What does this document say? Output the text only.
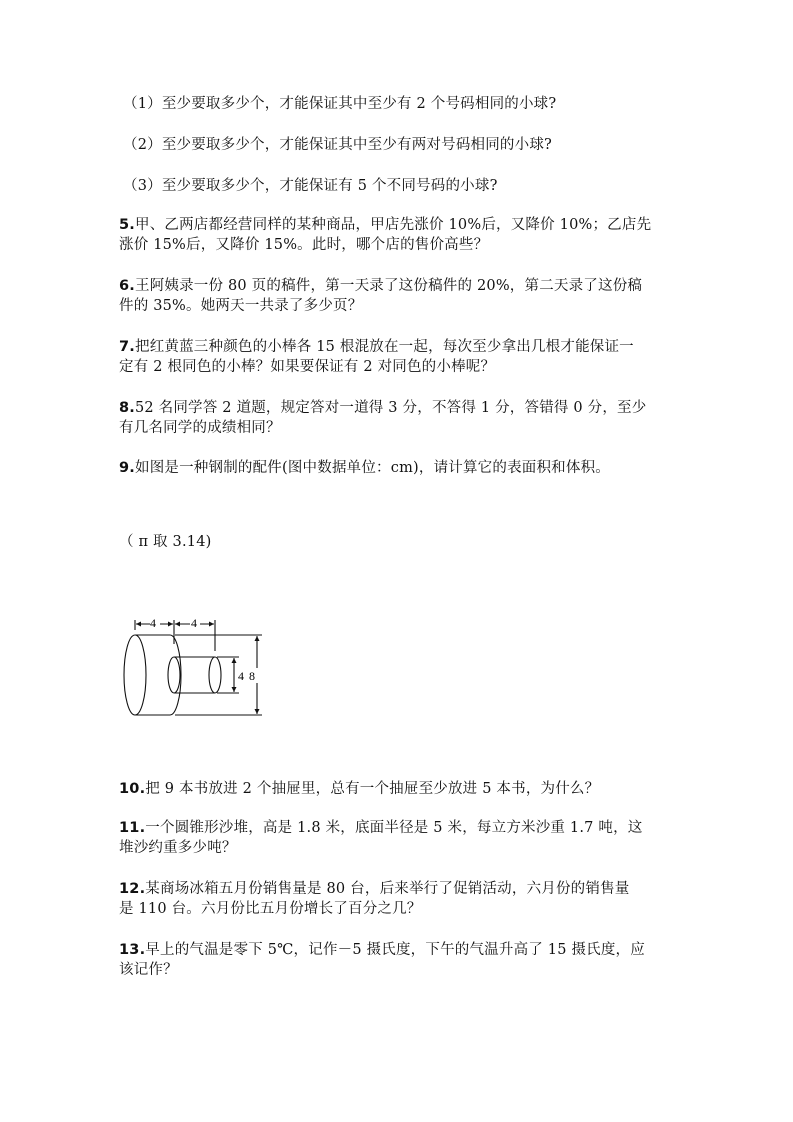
（1）至少要取多少个，才能保证其中至少有 2 个号码相同的小球?
（2）至少要取多少个，才能保证其中至少有两对号码相同的小球?
（3）至少要取多少个，才能保证有 5 个不同号码的小球?
5.甲、乙两店都经营同样的某种商品，甲店先涨价 10%后，又降价 10%；乙店先
涨价 15%后，又降价 15%。此时，哪个店的售价高些？
6.王阿姨录一份 80 页的稿件，第一天录了这份稿件的 20%，第二天录了这份稿
件的 35%。她两天一共录了多少页？
7.把红黄蓝三种颜色的小棒各 15 根混放在一起，每次至少拿出几根才能保证一
定有 2 根同色的小棒？如果要保证有 2 对同色的小棒呢？
8.52 名同学答 2 道题，规定答对一道得 3 分，不答得 1 分，答错得 0 分，至少
有几名同学的成绩相同？
9.如图是一种钢制的配件(图中数据单位：cm)，请计算它的表面积和体积。
（ π 取 3.14)
4	4
4 8
10.把 9 本书放进 2 个抽屉里，总有一个抽屉至少放进 5 本书，为什么？
11.一个圆锥形沙堆，高是 1.8 米，底面半径是 5 米，每立方米沙重 1.7 吨，这
堆沙约重多少吨？
12.某商场冰箱五月份销售量是 80 台，后来举行了促销活动，六月份的销售量
是 110 台。六月份比五月份增长了百分之几？
13.早上的气温是零下 5℃，记作－5 摄氏度，下午的气温升高了 15 摄氏度，应
该记作？
